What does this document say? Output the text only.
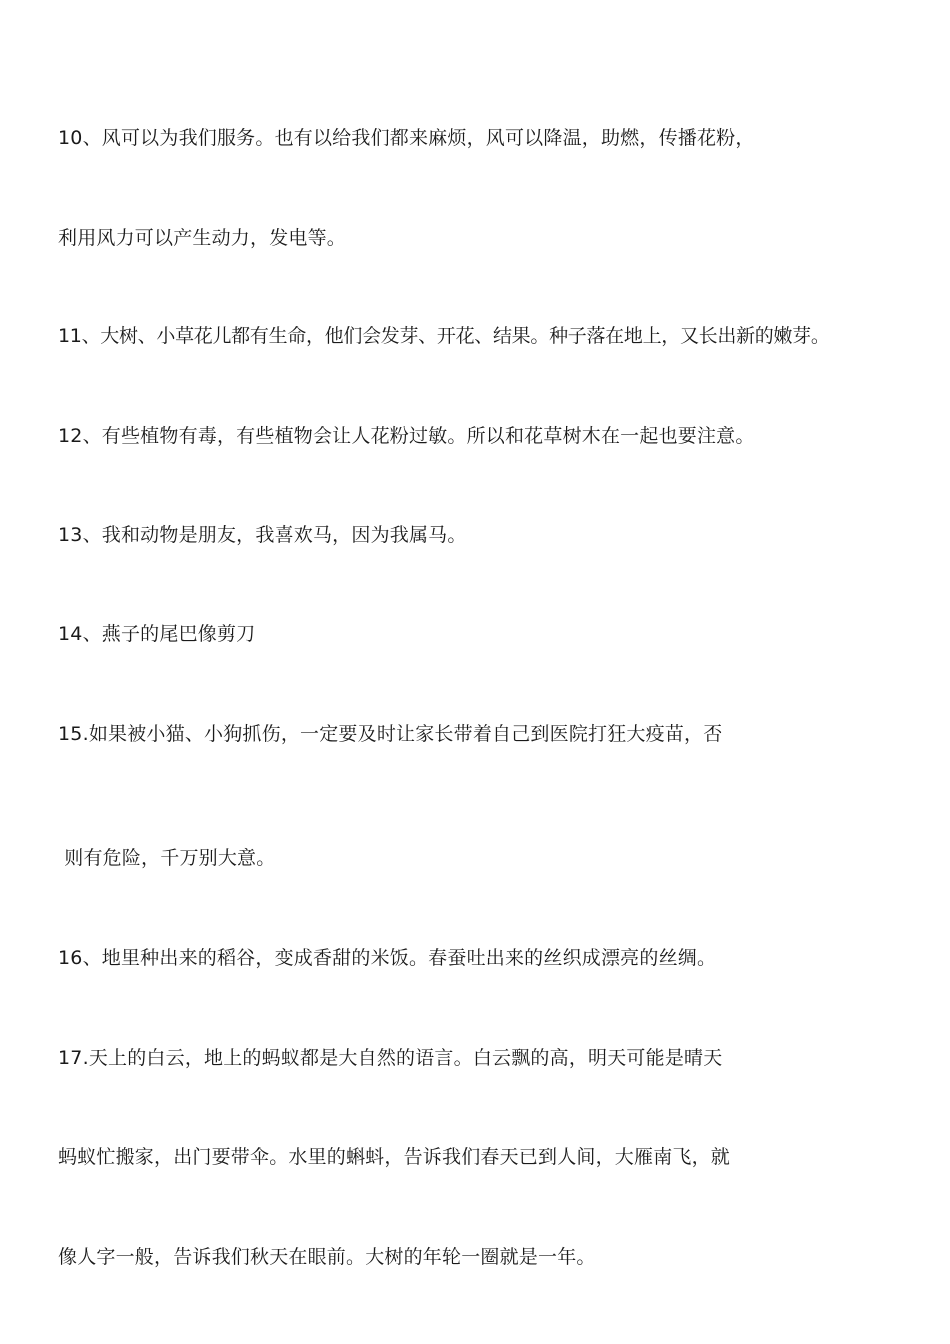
10、风可以为我们服务。也有以给我们都来麻烦，风可以降温，助燃，传播花粉，
利用风力可以产生动力，发电等。
11、大树、小草花儿都有生命，他们会发芽、开花、结果。种子落在地上，又长出新的嫩芽。
12、有些植物有毒，有些植物会让人花粉过敏。所以和花草树木在一起也要注意。
13、我和动物是朋友，我喜欢马，因为我属马。
14、燕子的尾巴像剪刀
15.如果被小猫、小狗抓伤，一定要及时让家长带着自己到医院打狂大疫苗，否
则有危险，千万别大意。
16、地里种出来的稻谷，变成香甜的米饭。春蚕吐出来的丝织成漂亮的丝绸。
17.天上的白云，地上的蚂蚁都是大自然的语言。白云飘的高，明天可能是晴天
蚂蚁忙搬家，出门要带伞。水里的蝌蚪，告诉我们春天已到人间，大雁南飞，就
像人字一般，告诉我们秋天在眼前。大树的年轮一圈就是一年。
